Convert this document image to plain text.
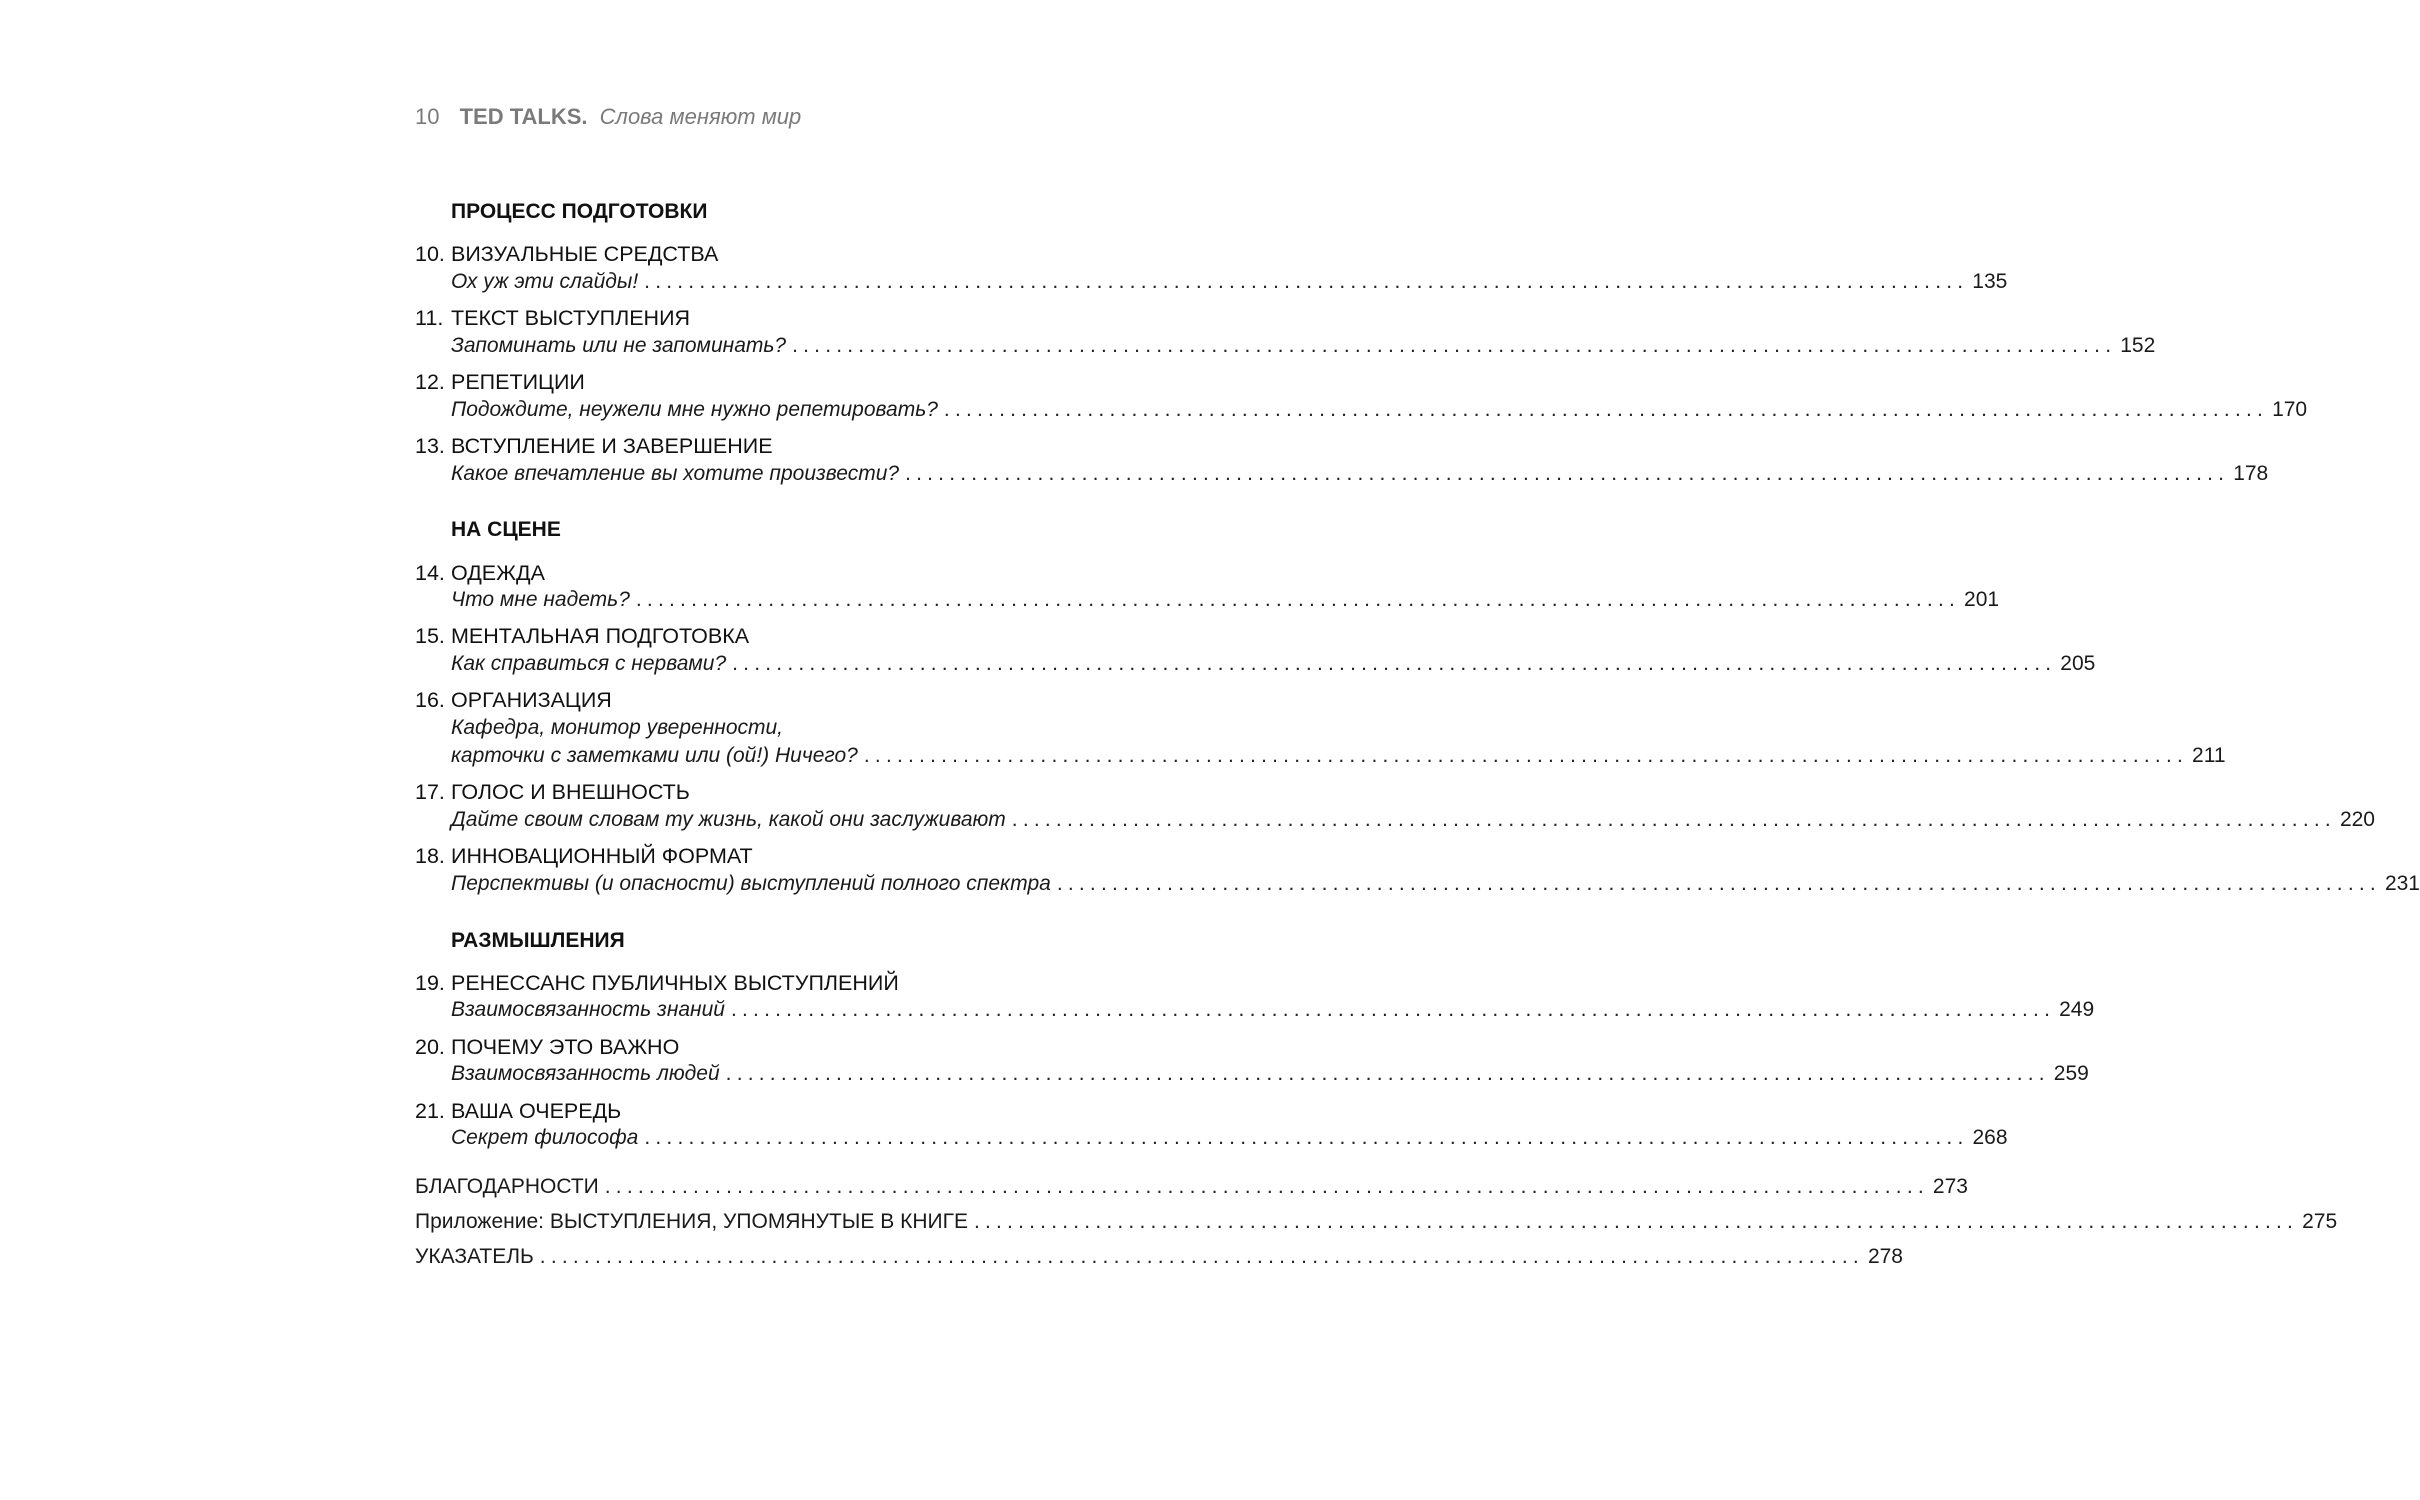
10 TED TALKS. Слова меняют мир
ПРОЦЕСС ПОДГОТОВКИ
10. ВИЗУАЛЬНЫЕ СРЕДСТВА
Ох уж эти слайды! ........................................................................................................................ 135
11. ТЕКСТ ВЫСТУПЛЕНИЯ
Запоминать или не запоминать? ........................................................................................................................ 152
12. РЕПЕТИЦИИ
Подождите, неужели мне нужно репетировать? ........................................................................................................................ 170
13. ВСТУПЛЕНИЕ И ЗАВЕРШЕНИЕ
Какое впечатление вы хотите произвести? ........................................................................................................................ 178
НА СЦЕНЕ
14. ОДЕЖДА
Что мне надеть? ........................................................................................................................ 201
15. МЕНТАЛЬНАЯ ПОДГОТОВКА
Как справиться с нервами? ........................................................................................................................ 205
16. ОРГАНИЗАЦИЯ
Кафедра, монитор уверенности,
карточки с заметками или (ой!) Ничего? ........................................................................................................................ 211
17. ГОЛОС И ВНЕШНОСТЬ
Дайте своим словам ту жизнь, какой они заслуживают ........................................................................................................................ 220
18. ИННОВАЦИОННЫЙ ФОРМАТ
Перспективы (и опасности) выступлений полного спектра ........................................................................................................................ 231
РАЗМЫШЛЕНИЯ
19. РЕНЕССАНС ПУБЛИЧНЫХ ВЫСТУПЛЕНИЙ
Взаимосвязанность знаний ........................................................................................................................ 249
20. ПОЧЕМУ ЭТО ВАЖНО
Взаимосвязанность людей ........................................................................................................................ 259
21. ВАША ОЧЕРЕДЬ
Секрет философа ........................................................................................................................ 268
БЛАГОДАРНОСТИ ........................................................................................................................ 273
Приложение: ВЫСТУПЛЕНИЯ, УПОМЯНУТЫЕ В КНИГЕ ........................................................................................................................ 275
УКАЗАТЕЛЬ ........................................................................................................................ 278
